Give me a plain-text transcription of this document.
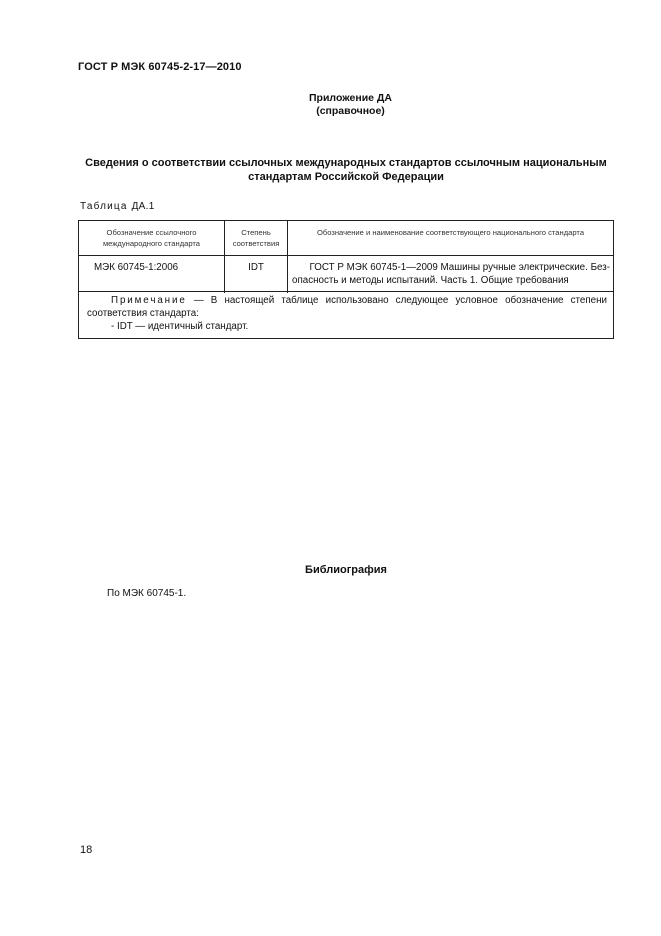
ГОСТ Р МЭК 60745-2-17—2010
Приложение ДА
(справочное)
Сведения о соответствии ссылочных международных стандартов ссылочным национальным
стандартам Российской Федерации
Таблица ДА.1
Обозначение ссылочного
международного стандарта
Степень
соответствия
Обозначение и наименование соответствующего национального стандарта
МЭК 60745-1:2006	IDT	ГОСТ Р МЭК 60745-1—2009 Машины ручные электрические. Без-
опасность и методы испытаний. Часть 1. Общие требования
Примечание — В настоящей таблице использовано следующее условное обозначение степени соответствия стандарта:
- IDT — идентичный стандарт.
Библиография
По МЭК 60745-1.
18
